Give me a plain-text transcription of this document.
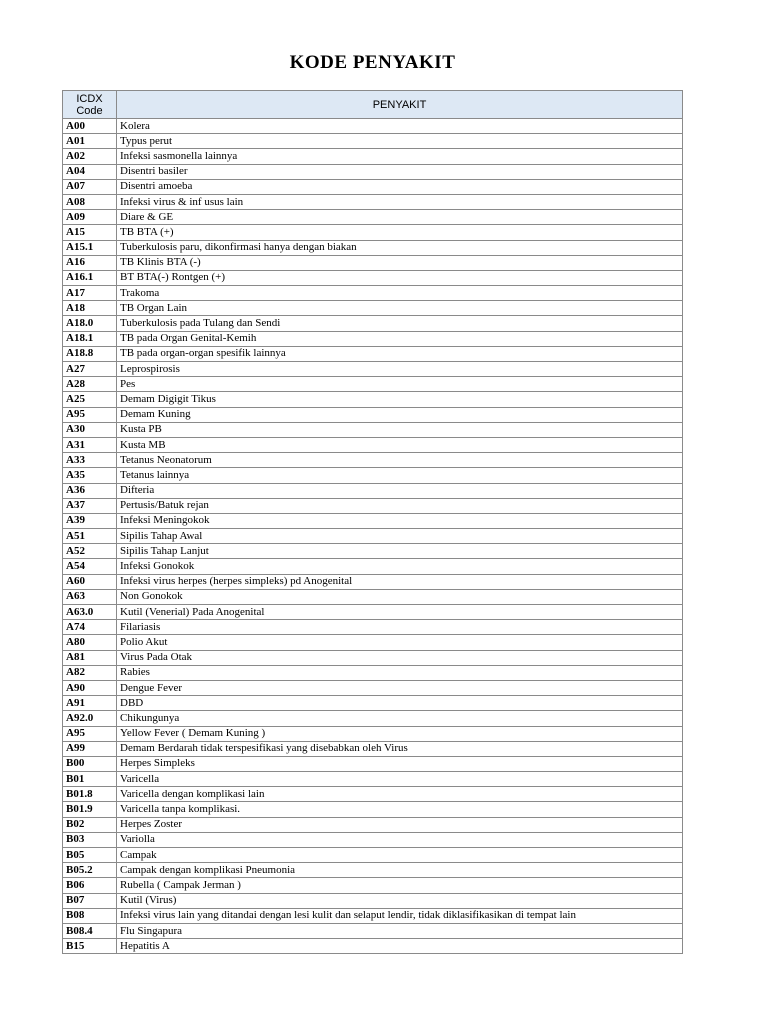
KODE PENYAKIT
ICDX Code	PENYAKIT
A00	Kolera
A01	Typus perut
A02	Infeksi sasmonella lainnya
A04	Disentri basiler
A07	Disentri amoeba
A08	Infeksi virus & inf usus lain
A09	Diare & GE
A15	TB BTA (+)
A15.1	Tuberkulosis paru, dikonfirmasi hanya dengan biakan
A16	TB Klinis BTA (-)
A16.1	BT BTA(-) Rontgen (+)
A17	Trakoma
A18	TB Organ Lain
A18.0	Tuberkulosis pada Tulang dan Sendi
A18.1	TB pada Organ Genital-Kemih
A18.8	TB pada organ-organ spesifik lainnya
A27	Leprospirosis
A28	Pes
A25	Demam Digigit Tikus
A95	Demam Kuning
A30	Kusta PB
A31	Kusta MB
A33	Tetanus Neonatorum
A35	Tetanus lainnya
A36	Difteria
A37	Pertusis/Batuk rejan
A39	Infeksi Meningokok
A51	Sipilis Tahap Awal
A52	Sipilis Tahap Lanjut
A54	Infeksi Gonokok
A60	Infeksi virus herpes (herpes simpleks) pd Anogenital
A63	Non Gonokok
A63.0	Kutil (Venerial) Pada Anogenital
A74	Filariasis
A80	Polio Akut
A81	Virus Pada Otak
A82	Rabies
A90	Dengue Fever
A91	DBD
A92.0	Chikungunya
A95	Yellow Fever ( Demam Kuning )
A99	Demam Berdarah tidak terspesifikasi yang disebabkan oleh Virus
B00	Herpes Simpleks
B01	Varicella
B01.8	Varicella dengan komplikasi lain
B01.9	Varicella tanpa komplikasi.
B02	Herpes Zoster
B03	Variolla
B05	Campak
B05.2	Campak dengan komplikasi Pneumonia
B06	Rubella ( Campak Jerman )
B07	Kutil (Virus)
B08	Infeksi virus lain yang ditandai dengan lesi kulit dan selaput lendir, tidak diklasifikasikan di tempat lain
B08.4	Flu Singapura
B15	Hepatitis A
